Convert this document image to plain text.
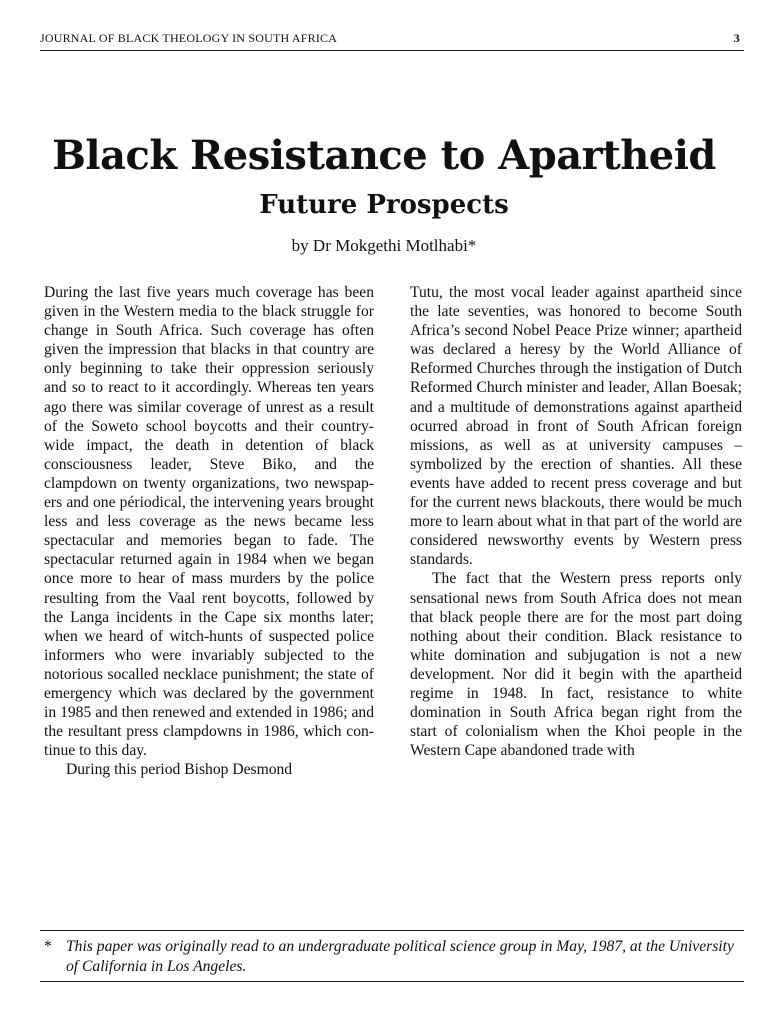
JOURNAL OF BLACK THEOLOGY IN SOUTH AFRICA	3
Black Resistance to Apartheid
Future Prospects
by Dr Mokgethi Motlhabi*

During the last five years much coverage has been given in the Western media to the black struggle for change in South Africa. Such coverage has often given the impression that blacks in that country are only beginning to take their oppression seriously and so to react to it accordingly. Whereas ten years ago there was similar coverage of unrest as a result of the Soweto school boycotts and their country-wide impact, the death in detention of black consciousness leader, Steve Biko, and the clampdown on twenty organizations, two newspapers and one périodical, the intervening years brought less and less coverage as the news became less spectacular and memories began to fade. The spectacular returned again in 1984 when we began once more to hear of mass murders by the police resulting from the Vaal rent boycotts, followed by the Langa incidents in the Cape six months later; when we heard of witch-hunts of suspected police informers who were invariably subjected to the notorious socalled necklace punishment; the state of emergency which was declared by the government in 1985 and then renewed and extended in 1986; and the resultant press clampdowns in 1986, which continue to this day.

During this period Bishop Desmond

Tutu, the most vocal leader against apartheid since the late seventies, was honored to become South Africa’s second Nobel Peace Prize winner; apartheid was declared a heresy by the World Alliance of Reformed Churches through the instigation of Dutch Reformed Church minister and leader, Allan Boesak; and a multitude of demonstrations against apartheid ocurred abroad in front of South African foreign missions, as well as at university campuses – symbolized by the erection of shanties. All these events have added to recent press coverage and but for the current news blackouts, there would be much more to learn about what in that part of the world are considered newsworthy events by Western press standards.

The fact that the Western press reports only sensational news from South Africa does not mean that black people there are for the most part doing nothing about their condition. Black resistance to white domination and subjugation is not a new development. Nor did it begin with the apartheid regime in 1948. In fact, resistance to white domination in South Africa began right from the start of colonialism when the Khoi people in the Western Cape abandoned trade with

* This paper was originally read to an undergraduate political science group in May, 1987, at the University of California in Los Angeles.
